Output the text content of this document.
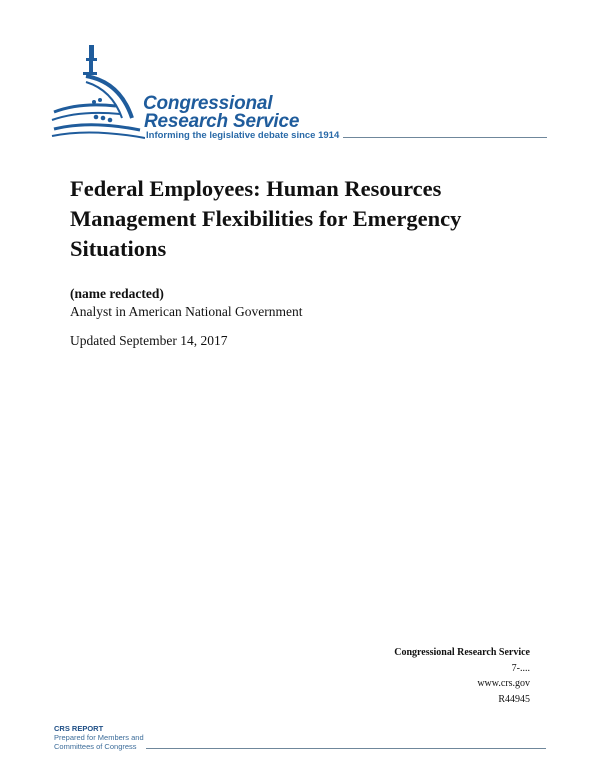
Congressional
Research Service
Informing the legislative debate since 1914
Federal Employees: Human Resources Management Flexibilities for Emergency Situations
(name redacted)
Analyst in American National Government
Updated September 14, 2017
Congressional Research Service
7-....
www.crs.gov
R44945
CRS REPORT
Prepared for Members and
Committees of Congress
